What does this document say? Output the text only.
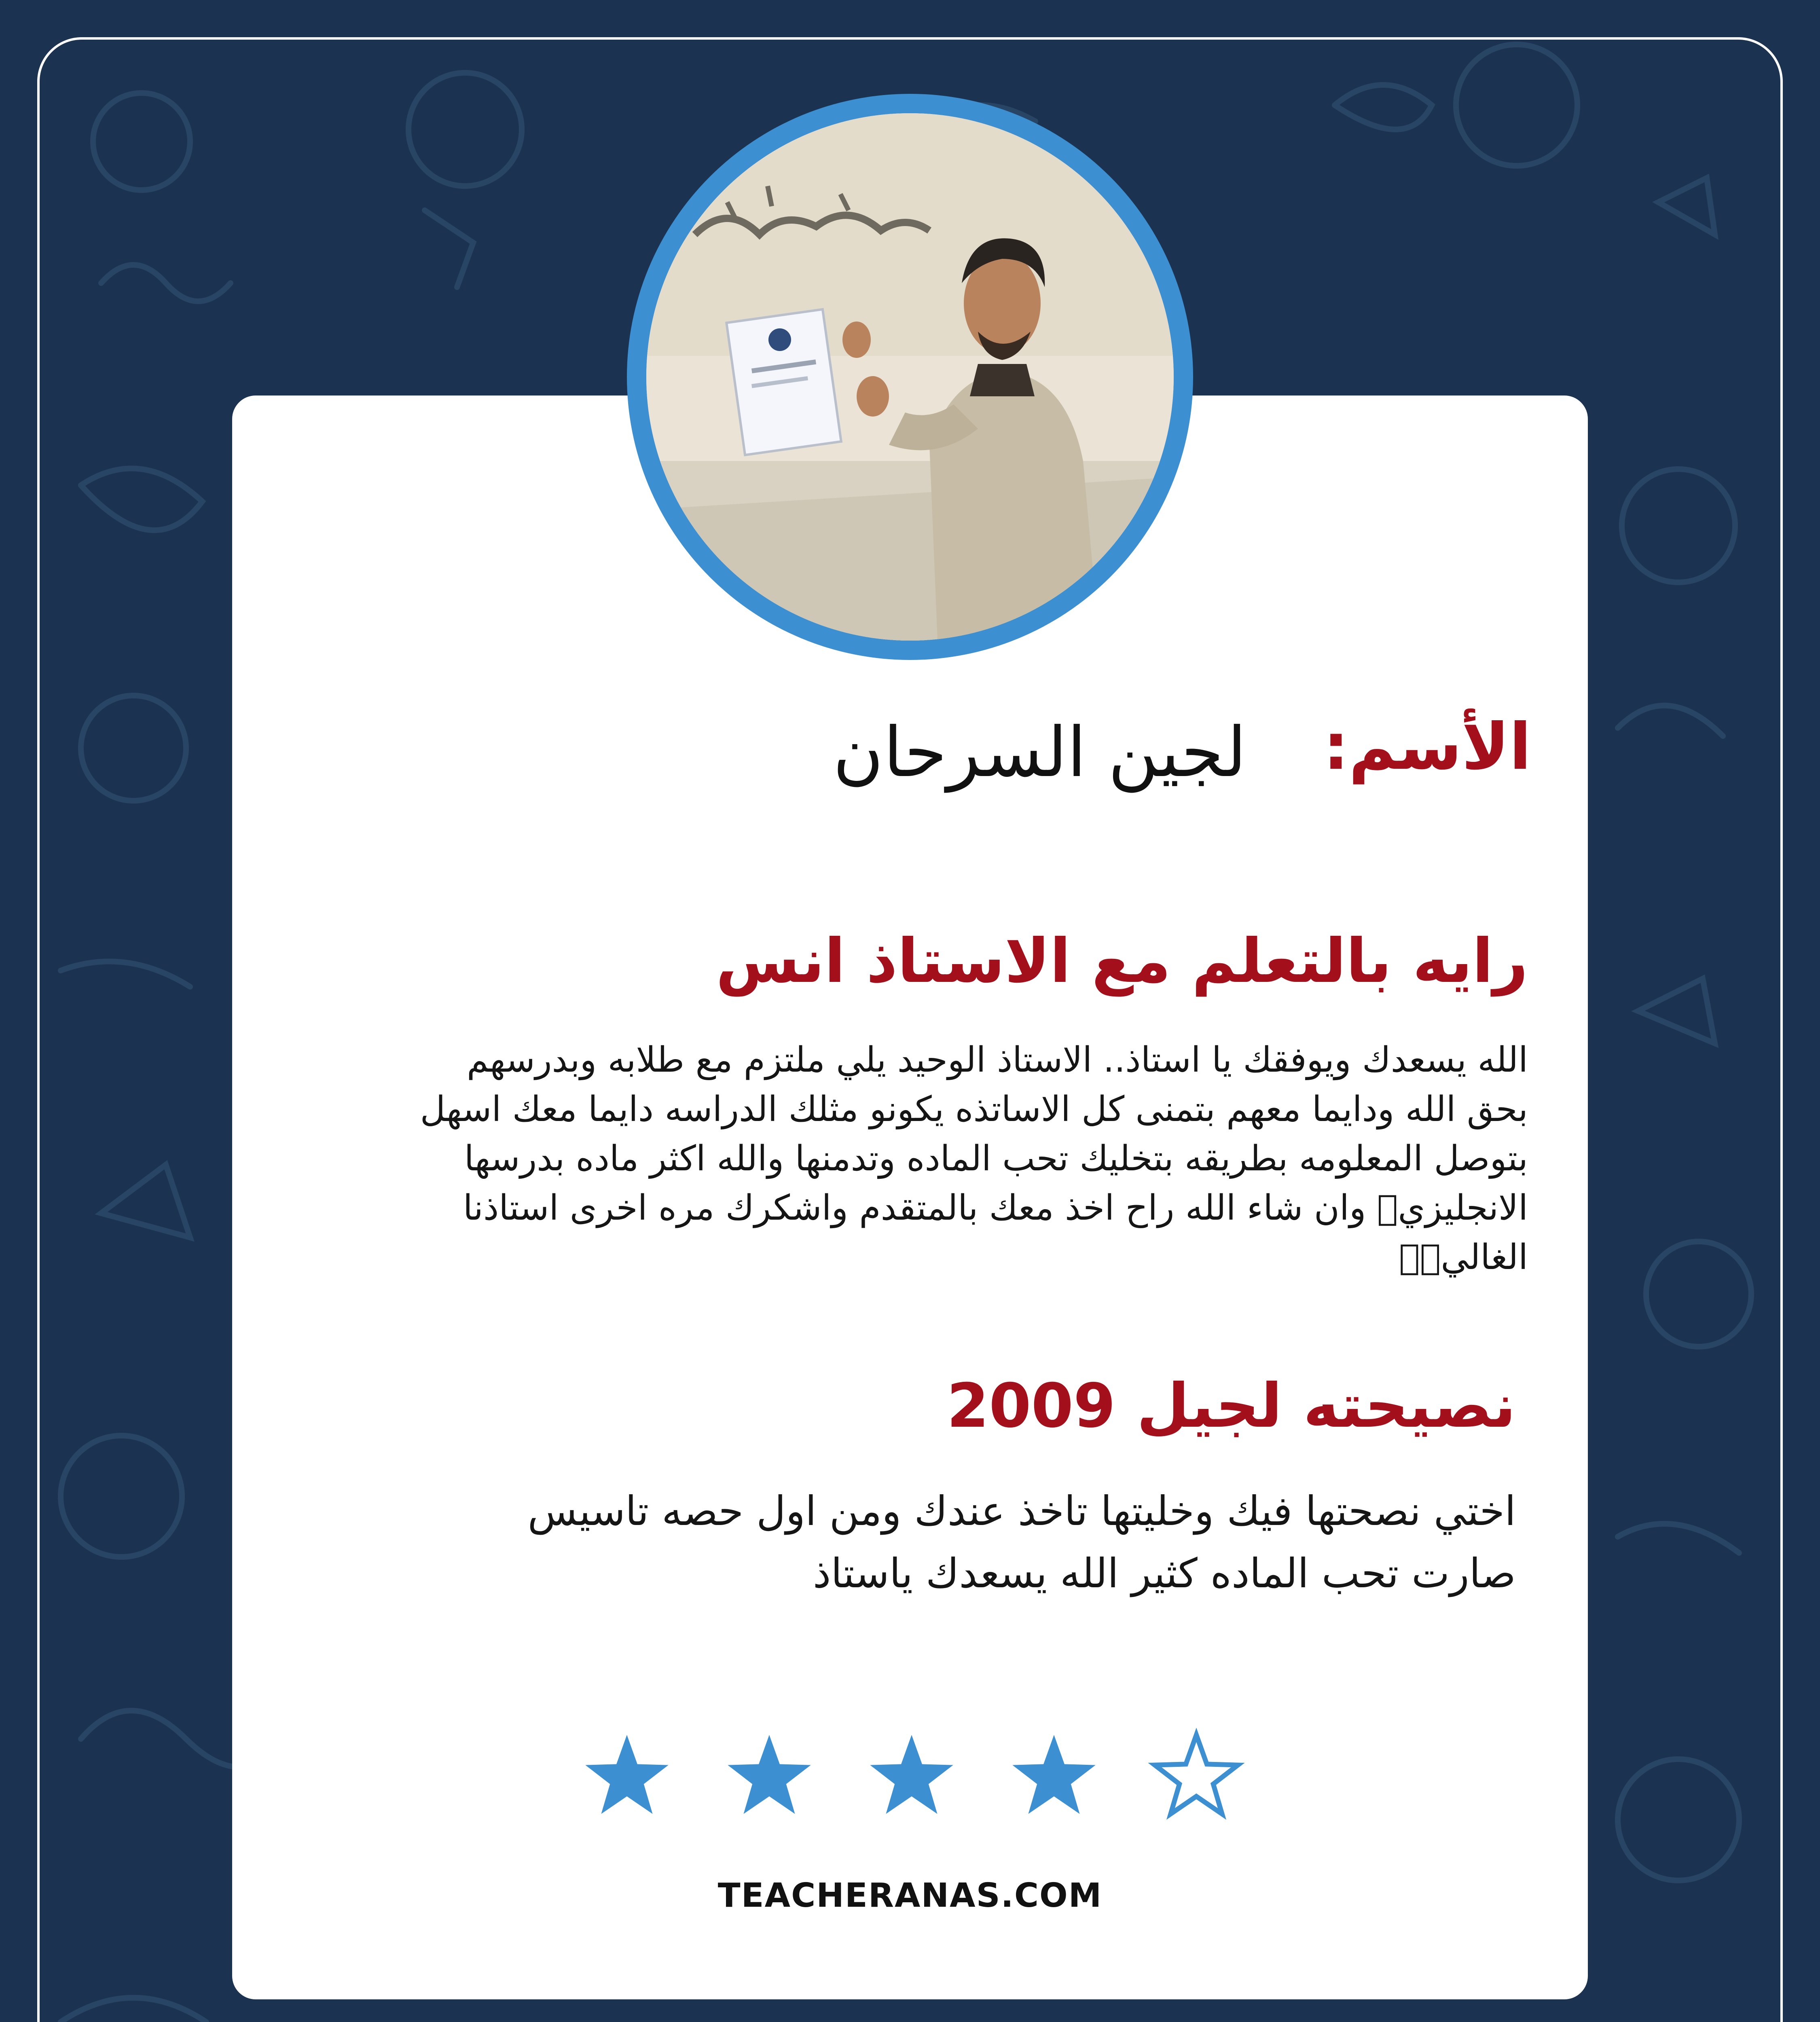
الأسم:
لجين السرحان
رايه بالتعلم مع الاستاذ انس
الله يسعدك ويوفقك يا استاذ.. الاستاذ الوحيد يلي ملتزم مع طلابه وبدرسهم بحق الله ودايما معهم بتمنى كل الاساتذه يكونو مثلك الدراسه دايما معك اسهل بتوصل المعلومه بطريقه بتخليك تحب الماده وتدمنها والله اكثر ماده بدرسها الانجليزي􏰀 وان شاء الله راح اخذ معك بالمتقدم واشكرك مره اخرى استاذنا الغالي􏰀􏰀
نصيحته لجيل 2009
اختي نصحتها فيك وخليتها تاخذ عندك ومن اول حصه تاسيس صارت تحب الماده كثير الله يسعدك ياستاذ
TEACHERANAS.COM
